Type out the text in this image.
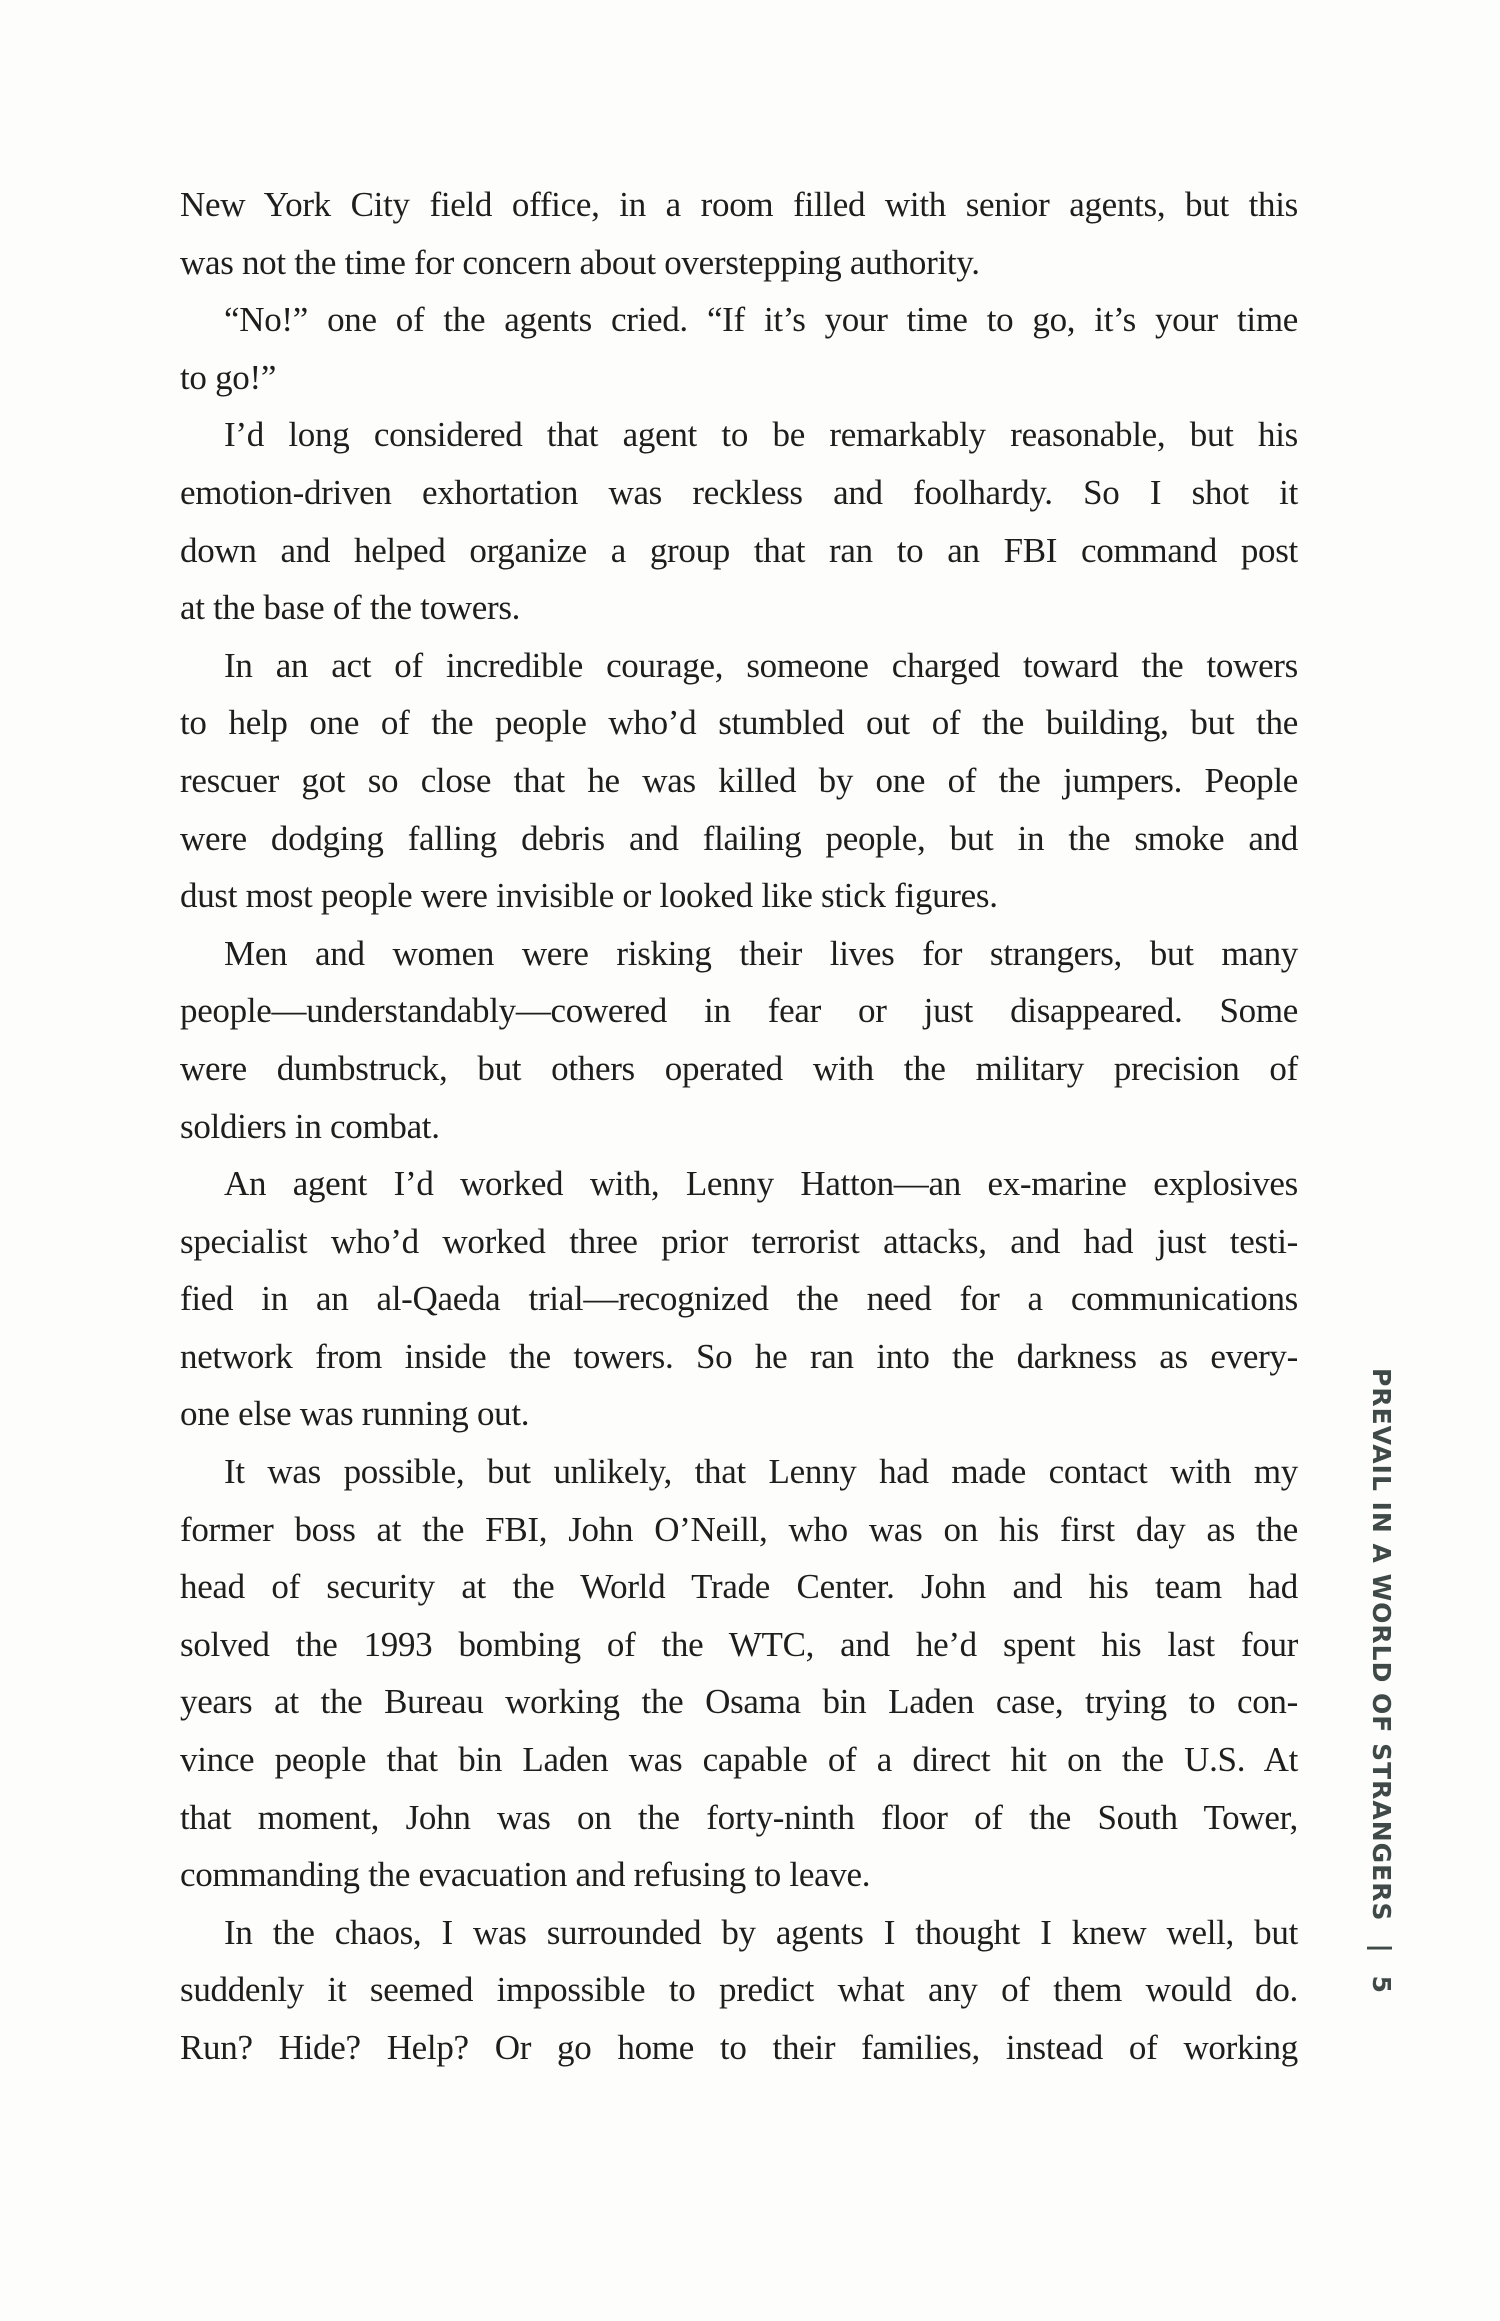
New York City field office, in a room filled with senior agents, but this
was not the time for concern about overstepping authority.
“No!” one of the agents cried. “If it’s your time to go, it’s your time
to go!”
I’d long considered that agent to be remarkably reasonable, but his
emotion-driven exhortation was reckless and foolhardy. So I shot it
down and helped organize a group that ran to an FBI command post
at the base of the towers.
In an act of incredible courage, someone charged toward the towers
to help one of the people who’d stumbled out of the building, but the
rescuer got so close that he was killed by one of the jumpers. People
were dodging falling debris and flailing people, but in the smoke and
dust most people were invisible or looked like stick figures.
Men and women were risking their lives for strangers, but many
people—understandably—cowered in fear or just disappeared. Some
were dumbstruck, but others operated with the military precision of
soldiers in combat.
An agent I’d worked with, Lenny Hatton—an ex-marine explosives
specialist who’d worked three prior terrorist attacks, and had just testi-
fied in an al-Qaeda trial—recognized the need for a communications
network from inside the towers. So he ran into the darkness as every-
one else was running out.
It was possible, but unlikely, that Lenny had made contact with my
former boss at the FBI, John O’Neill, who was on his first day as the
head of security at the World Trade Center. John and his team had
solved the 1993 bombing of the WTC, and he’d spent his last four
years at the Bureau working the Osama bin Laden case, trying to con-
vince people that bin Laden was capable of a direct hit on the U.S. At
that moment, John was on the forty-ninth floor of the South Tower,
commanding the evacuation and refusing to leave.
In the chaos, I was surrounded by agents I thought I knew well, but
suddenly it seemed impossible to predict what any of them would do.
Run? Hide? Help? Or go home to their families, instead of working
PREVAIL IN A WORLD OF STRANGERS|5
